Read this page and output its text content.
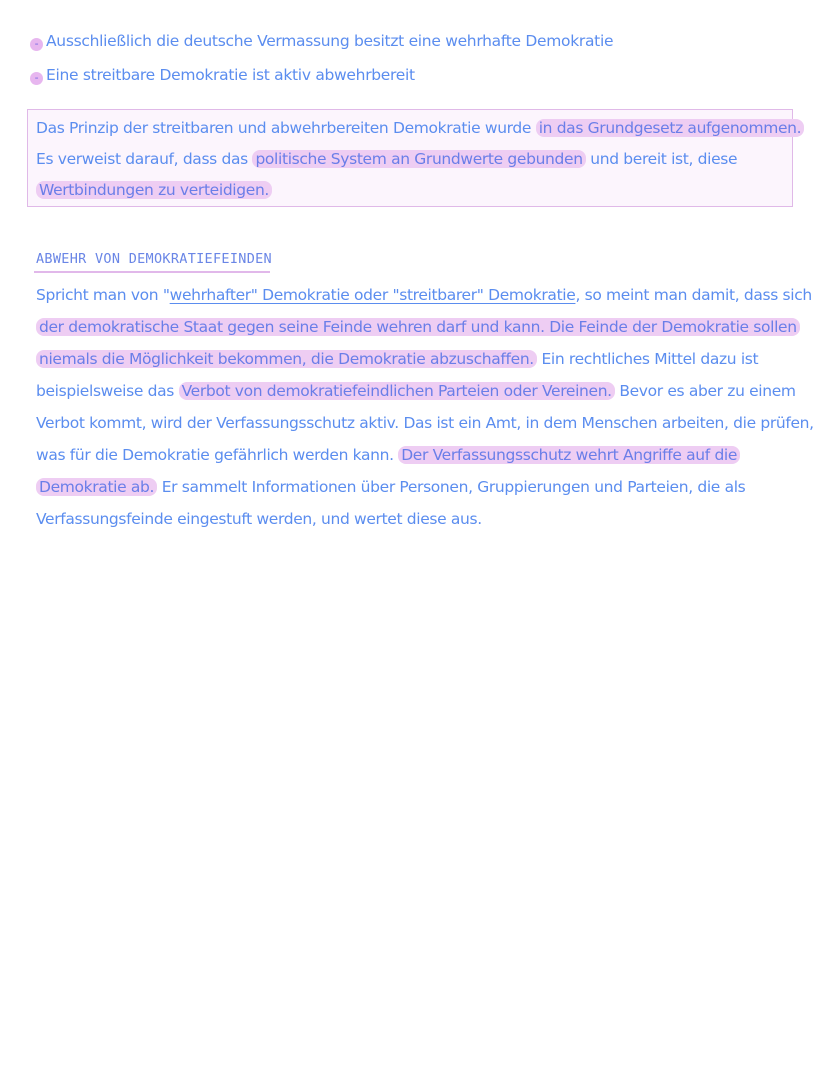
- Ausschließlich die deutsche Vermassung besitzt eine wehrhafte Demokratie
- Eine streitbare Demokratie ist aktiv abwehrbereit
Das Prinzip der streitbaren und abwehrbereiten Demokratie wurde in das Grundgesetz aufgenommen.
Es verweist darauf, dass das politische System an Grundwerte gebunden und bereit ist, diese
Wertbindungen zu verteidigen.
ABWEHR VON DEMOKRATIEFEINDEN
Spricht man von "wehrhafter" Demokratie oder "streitbarer" Demokratie, so meint man damit, dass sich
der demokratische Staat gegen seine Feinde wehren darf und kann. Die Feinde der Demokratie sollen
niemals die Möglichkeit bekommen, die Demokratie abzuschaffen. Ein rechtliches Mittel dazu ist
beispielsweise das Verbot von demokratiefeindlichen Parteien oder Vereinen. Bevor es aber zu einem
Verbot kommt, wird der Verfassungsschutz aktiv. Das ist ein Amt, in dem Menschen arbeiten, die prüfen,
was für die Demokratie gefährlich werden kann. Der Verfassungsschutz wehrt Angriffe auf die
Demokratie ab. Er sammelt Informationen über Personen, Gruppierungen und Parteien, die als
Verfassungsfeinde eingestuft werden, und wertet diese aus.
